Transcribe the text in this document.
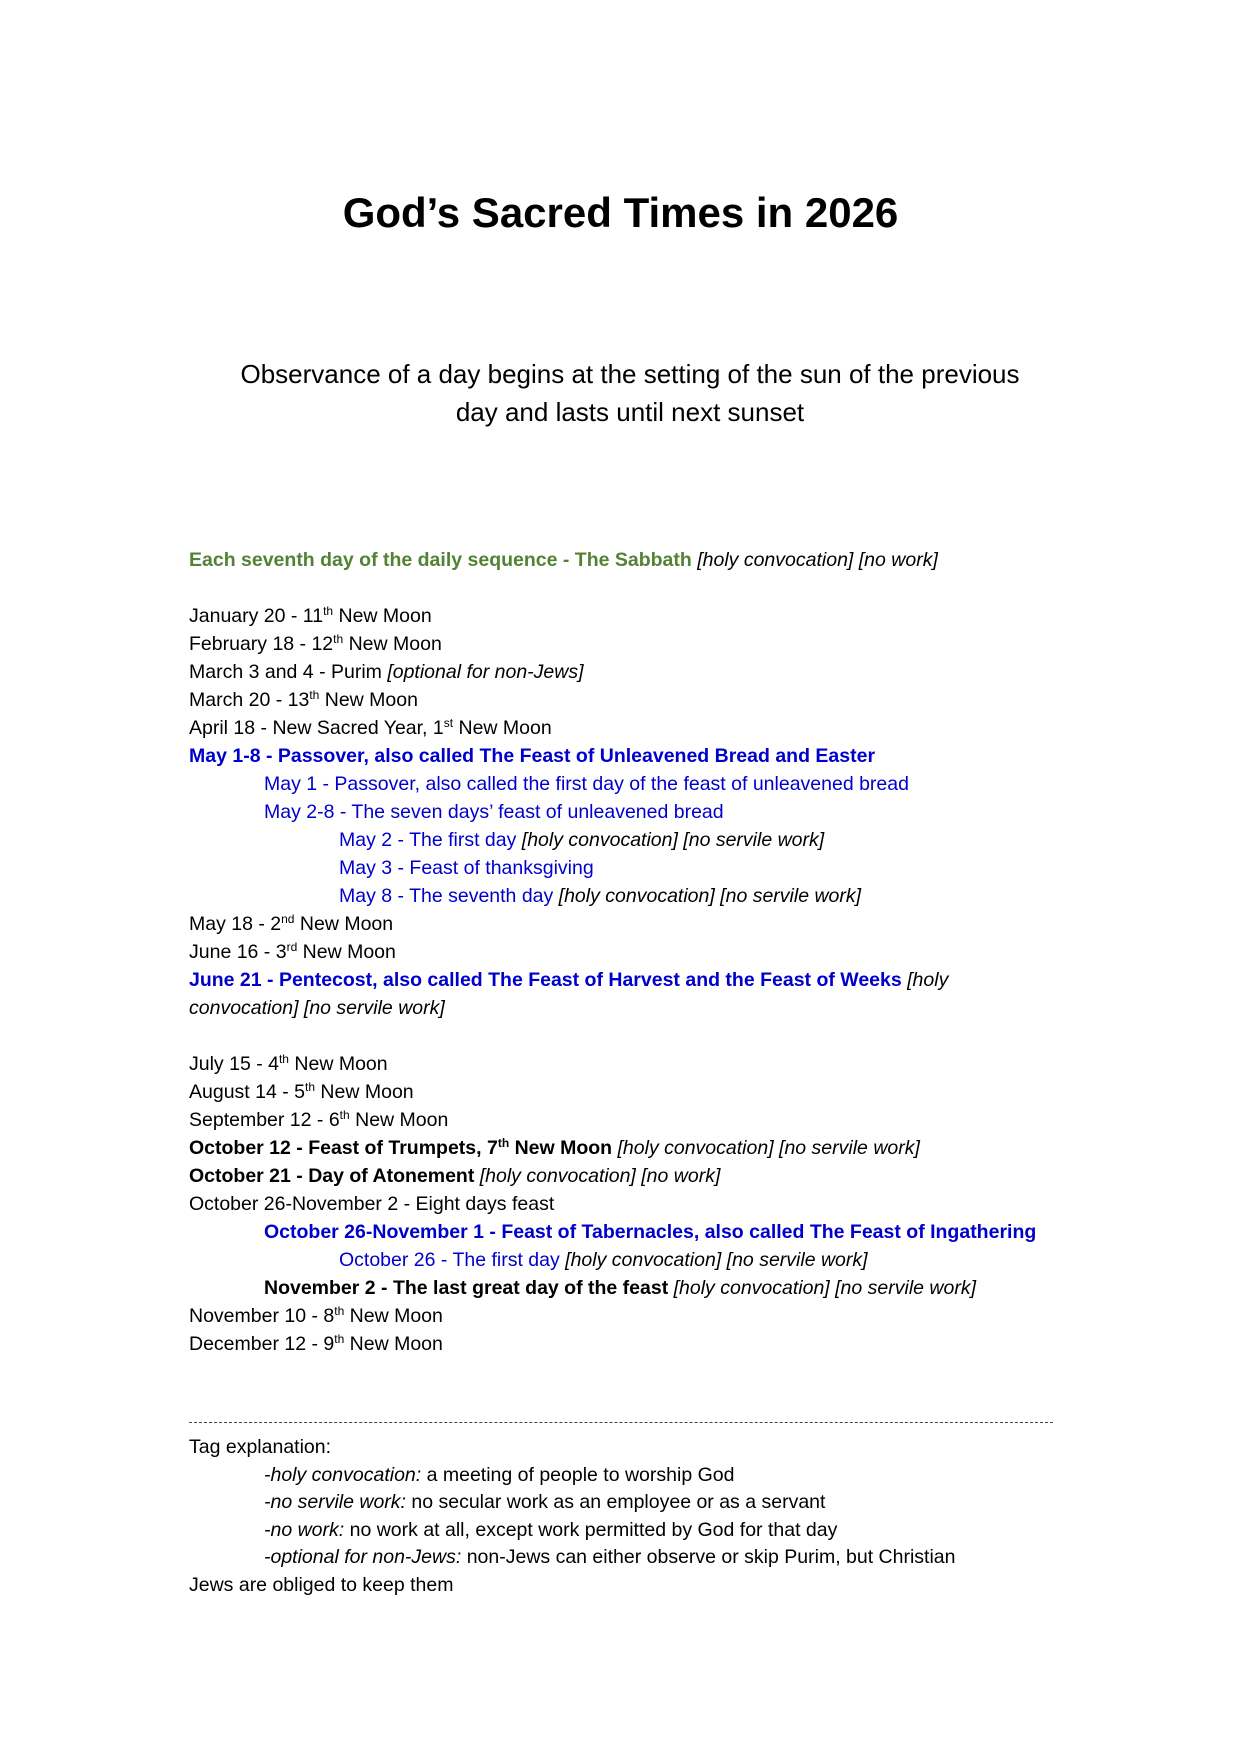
God’s Sacred Times in 2026
Observance of a day begins at the setting of the sun of the previous
day and lasts until next sunset
Each seventh day of the daily sequence - The Sabbath [holy convocation] [no work]
January 20 - 11th New Moon
February 18 - 12th New Moon
March 3 and 4 - Purim [optional for non-Jews]
March 20 - 13th New Moon
April 18 - New Sacred Year, 1st New Moon
May 1-8 - Passover, also called The Feast of Unleavened Bread and Easter
May 1 - Passover, also called the first day of the feast of unleavened bread
May 2-8 - The seven days’ feast of unleavened bread
May 2 - The first day [holy convocation] [no servile work]
May 3 - Feast of thanksgiving
May 8 - The seventh day [holy convocation] [no servile work]
May 18 - 2nd New Moon
June 16 - 3rd New Moon
June 21 - Pentecost, also called The Feast of Harvest and the Feast of Weeks [holy
convocation] [no servile work]
July 15 - 4th New Moon
August 14 - 5th New Moon
September 12 - 6th New Moon
October 12 - Feast of Trumpets, 7th New Moon [holy convocation] [no servile work]
October 21 - Day of Atonement [holy convocation] [no work]
October 26-November 2 - Eight days feast
October 26-November 1 - Feast of Tabernacles, also called The Feast of Ingathering
October 26 - The first day [holy convocation] [no servile work]
November 2 - The last great day of the feast [holy convocation] [no servile work]
November 10 - 8th New Moon
December 12 - 9th New Moon
Tag explanation:
-holy convocation: a meeting of people to worship God
-no servile work: no secular work as an employee or as a servant
-no work: no work at all, except work permitted by God for that day
-optional for non-Jews: non-Jews can either observe or skip Purim, but Christian
Jews are obliged to keep them
